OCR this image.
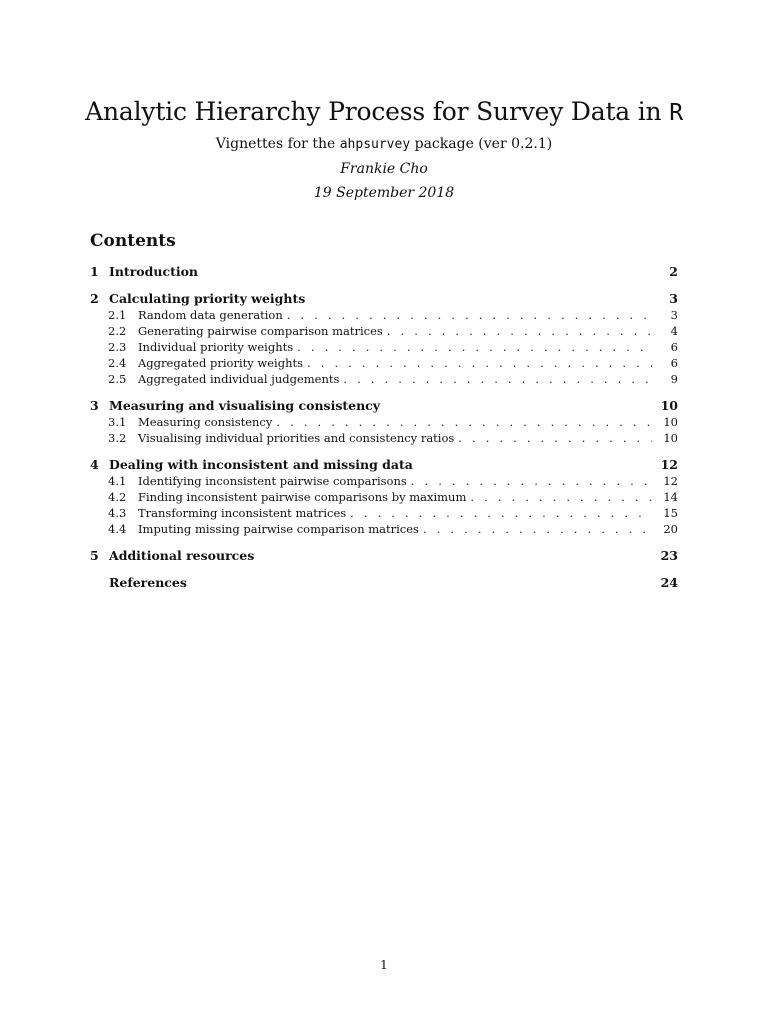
Analytic Hierarchy Process for Survey Data in R
Vignettes for the ahpsurvey package (ver 0.2.1)
Frankie Cho
19 September 2018
Contents
1 Introduction	2
2 Calculating priority weights	3
2.1	Random data generation . . .	3
2.2	Generating pairwise comparison matrices . . .	4
2.3	Individual priority weights . . .	6
2.4	Aggregated priority weights . . .	6
2.5	Aggregated individual judgements . . .	9
3 Measuring and visualising consistency	10
3.1	Measuring consistency . . .	10
3.2	Visualising individual priorities and consistency ratios . . .	10
4 Dealing with inconsistent and missing data	12
4.1	Identifying inconsistent pairwise comparisons . . .	12
4.2	Finding inconsistent pairwise comparisons by maximum . . .	14
4.3	Transforming inconsistent matrices . . .	15
4.4	Imputing missing pairwise comparison matrices . . .	20
5 Additional resources	23
References	24
1
